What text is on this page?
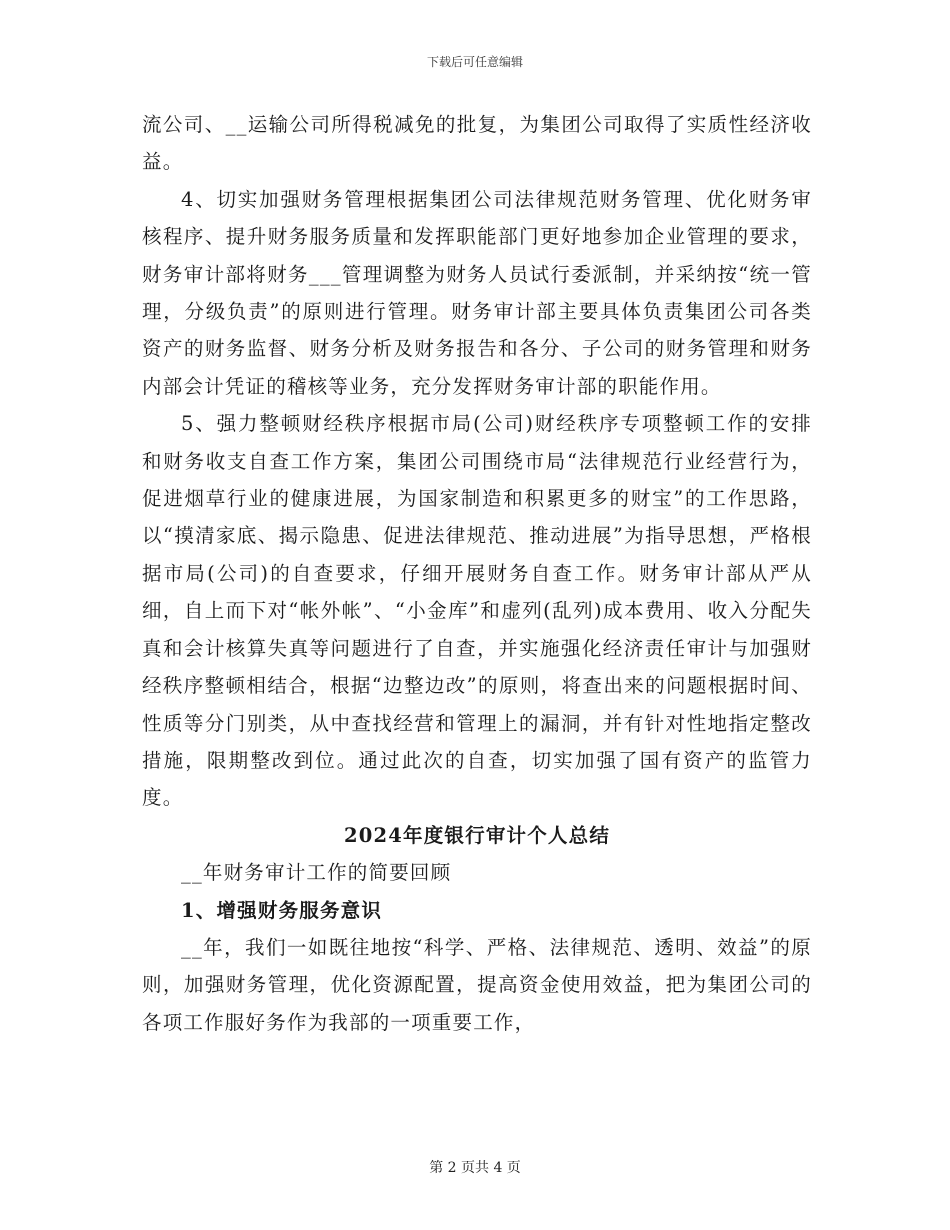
下载后可任意编辑

流公司、__运输公司所得税减免的批复，为集团公司取得了实质性经济收益。

4、切实加强财务管理根据集团公司法律规范财务管理、优化财务审核程序、提升财务服务质量和发挥职能部门更好地参加企业管理的要求，财务审计部将财务___管理调整为财务人员试行委派制，并采纳按“统一管理，分级负责”的原则进行管理。财务审计部主要具体负责集团公司各类资产的财务监督、财务分析及财务报告和各分、子公司的财务管理和财务内部会计凭证的稽核等业务，充分发挥财务审计部的职能作用。

5、强力整顿财经秩序根据市局(公司)财经秩序专项整顿工作的安排和财务收支自查工作方案，集团公司围绕市局“法律规范行业经营行为，促进烟草行业的健康进展，为国家制造和积累更多的财宝”的工作思路，以“摸清家底、揭示隐患、促进法律规范、推动进展”为指导思想，严格根据市局(公司)的自查要求，仔细开展财务自查工作。财务审计部从严从细，自上而下对“帐外帐”、“小金库”和虚列(乱列)成本费用、收入分配失真和会计核算失真等问题进行了自查，并实施强化经济责任审计与加强财经秩序整顿相结合，根据“边整边改”的原则，将查出来的问题根据时间、性质等分门别类，从中查找经营和管理上的漏洞，并有针对性地指定整改措施，限期整改到位。通过此次的自查，切实加强了国有资产的监管力度。

2024年度银行审计个人总结

__年财务审计工作的简要回顾

1、增强财务服务意识

__年，我们一如既往地按“科学、严格、法律规范、透明、效益”的原则，加强财务管理，优化资源配置，提高资金使用效益，把为集团公司的各项工作服好务作为我部的一项重要工作，

第 2 页共 4 页
